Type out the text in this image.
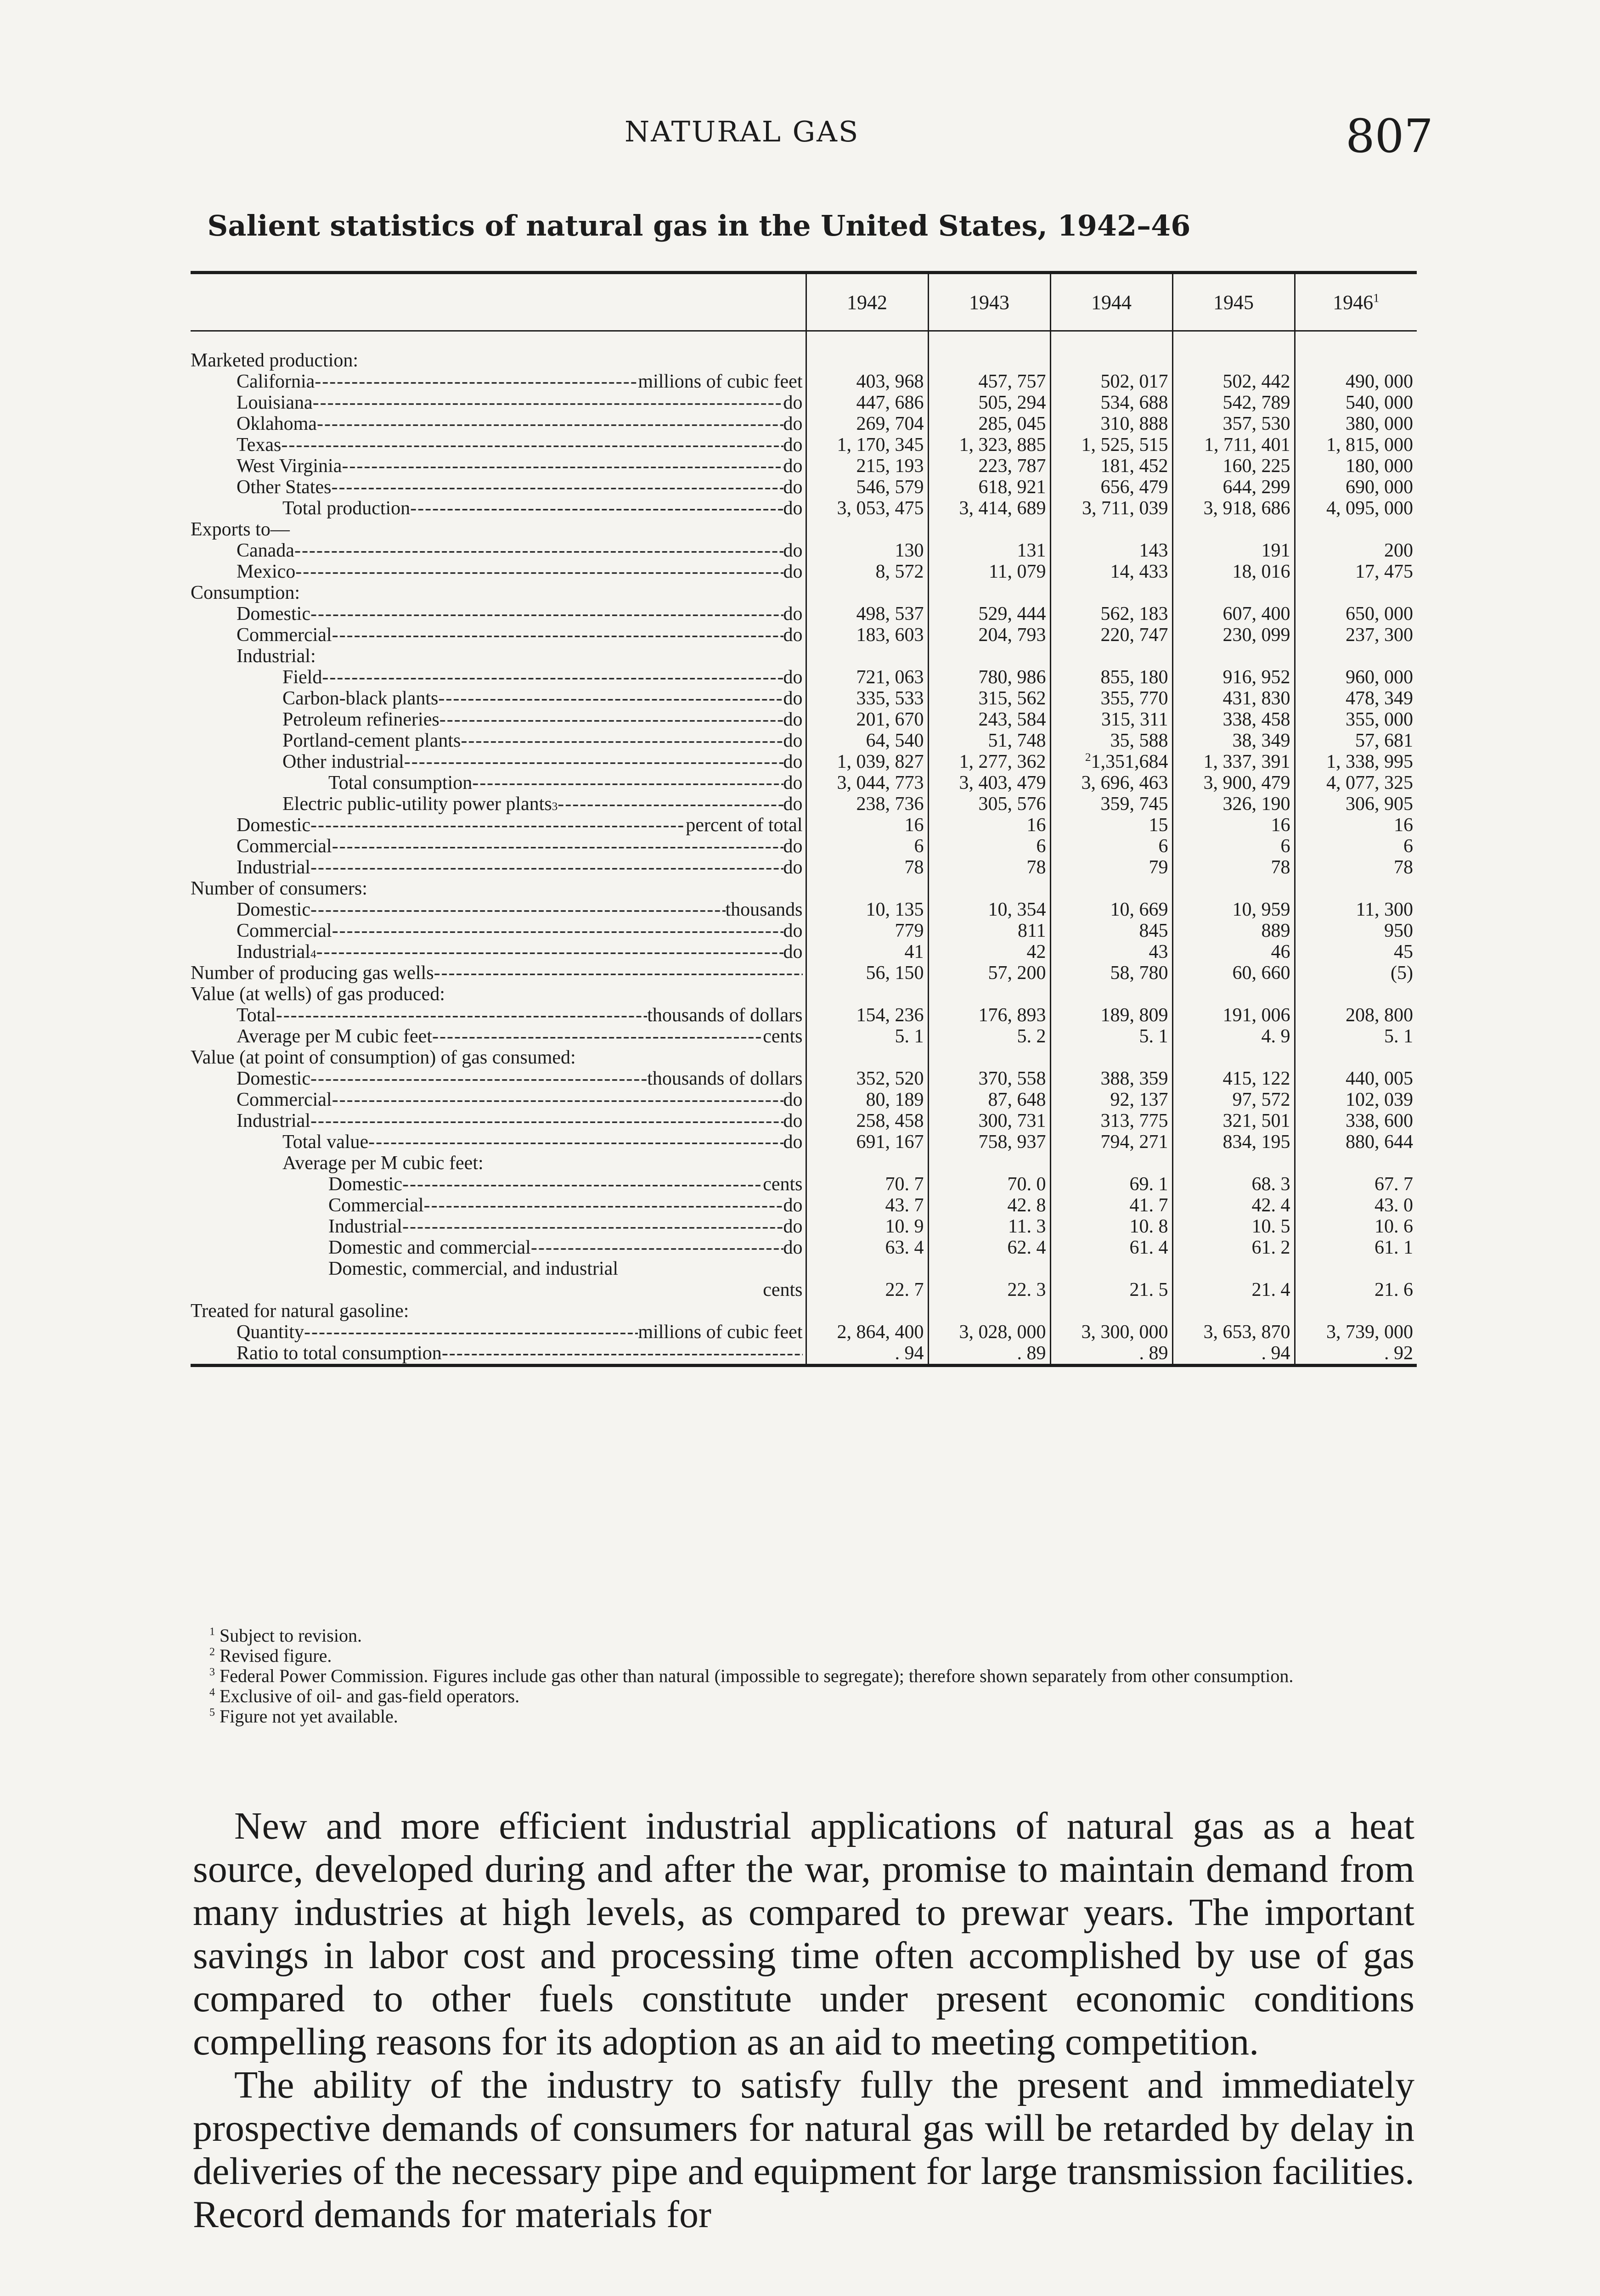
NATURAL GAS	807
Salient statistics of natural gas in the United States, 1942–46
	1942	1943	1944	1945	1946$^1$

Marketed production:					

California ----- millions of cubic feet	403, 968	457, 757	502, 017	502, 442	490, 000

Louisiana ----- do	447, 686	505, 294	534, 688	542, 789	540, 000

Oklahoma ----- do	269, 704	285, 045	310, 888	357, 530	380, 000

Texas ----- do	1, 170, 345	1, 323, 885	1, 525, 515	1, 711, 401	1, 815, 000

West Virginia ----- do	215, 193	223, 787	181, 452	160, 225	180, 000

Other States ----- do	546, 579	618, 921	656, 479	644, 299	690, 000

Total production ----- do	3, 053, 475	3, 414, 689	3, 711, 039	3, 918, 686	4, 095, 000

Exports to—					

Canada ----- do	130	131	143	191	200

Mexico ----- do	8, 572	11, 079	14, 433	18, 016	17, 475

Consumption:					

Domestic ----- do	498, 537	529, 444	562, 183	607, 400	650, 000

Commercial ----- do	183, 603	204, 793	220, 747	230, 099	237, 300

Industrial:					

Field ----- do	721, 063	780, 986	855, 180	916, 952	960, 000

Carbon-black plants ----- do	335, 533	315, 562	355, 770	431, 830	478, 349

Petroleum refineries ----- do	201, 670	243, 584	315, 311	338, 458	355, 000

Portland-cement plants ----- do	64, 540	51, 748	35, 588	38, 349	57, 681

Other industrial ----- do	1, 039, 827	1, 277, 362	$^2$1,351,684	1, 337, 391	1, 338, 995

Total consumption ----- do	3, 044, 773	3, 403, 479	3, 696, 463	3, 900, 479	4, 077, 325

Electric public-utility power plants 3 ----- do	238, 736	305, 576	359, 745	326, 190	306, 905

Domestic ----- percent of total	16	16	15	16	16

Commercial ----- do	6	6	6	6	6

Industrial ----- do	78	78	79	78	78

Number of consumers:					

Domestic ----- thousands	10, 135	10, 354	10, 669	10, 959	11, 300

Commercial ----- do	779	811	845	889	950

Industrial 4 ----- do	41	42	43	46	45

Number of producing gas wells
-----	56, 150	57, 200	58, 780	60, 660	(5)

Value (at wells) of gas produced:					

Total ----- thousands of dollars	154, 236	176, 893	189, 809	191, 006	208, 800

Average per M cubic feet ----- cents	5. 1	5. 2	5. 1	4. 9	5. 1

Value (at point of consumption) of gas consumed:					

Domestic ----- thousands of dollars	352, 520	370, 558	388, 359	415, 122	440, 005

Commercial ----- do	80, 189	87, 648	92, 137	97, 572	102, 039

Industrial ----- do	258, 458	300, 731	313, 775	321, 501	338, 600

Total value ----- do	691, 167	758, 937	794, 271	834, 195	880, 644

Average per M cubic feet:					

Domestic ----- cents	70. 7	70. 0	69. 1	68. 3	67. 7

Commercial ----- do	43. 7	42. 8	41. 7	42. 4	43. 0

Industrial ----- do	10. 9	11. 3	10. 8	10. 5	10. 6

Domestic and commercial ----- do	63. 4	62. 4	61. 4	61. 2	61. 1

Domestic, commercial, and industrial
cents	22. 7	22. 3	21. 5	21. 4	21. 6

Treated for natural gasoline:					

Quantity ----- millions of cubic feet	2, 864, 400	3, 028, 000	3, 300, 000	3, 653, 870	3, 739, 000

Ratio to total consumption
-----	. 94	. 89	. 89	. 94	. 92
$^1$ Subject to revision.
$^2$ Revised figure.
$^3$ Federal Power Commission. Figures include gas other than natural (impossible to segregate); therefore shown separately from other consumption.
$^4$ Exclusive of oil- and gas-field operators.
$^5$ Figure not yet available.

New and more efficient industrial applications of natural gas as a heat source, developed during and after the war, promise to maintain demand from many industries at high levels, as compared to prewar years. The important savings in labor cost and processing time often accomplished by use of gas compared to other fuels constitute under present economic conditions compelling reasons for its adoption as an aid to meeting competition.

The ability of the industry to satisfy fully the present and immediately prospective demands of consumers for natural gas will be retarded by delay in deliveries of the necessary pipe and equipment for large transmission facilities. Record demands for materials for
